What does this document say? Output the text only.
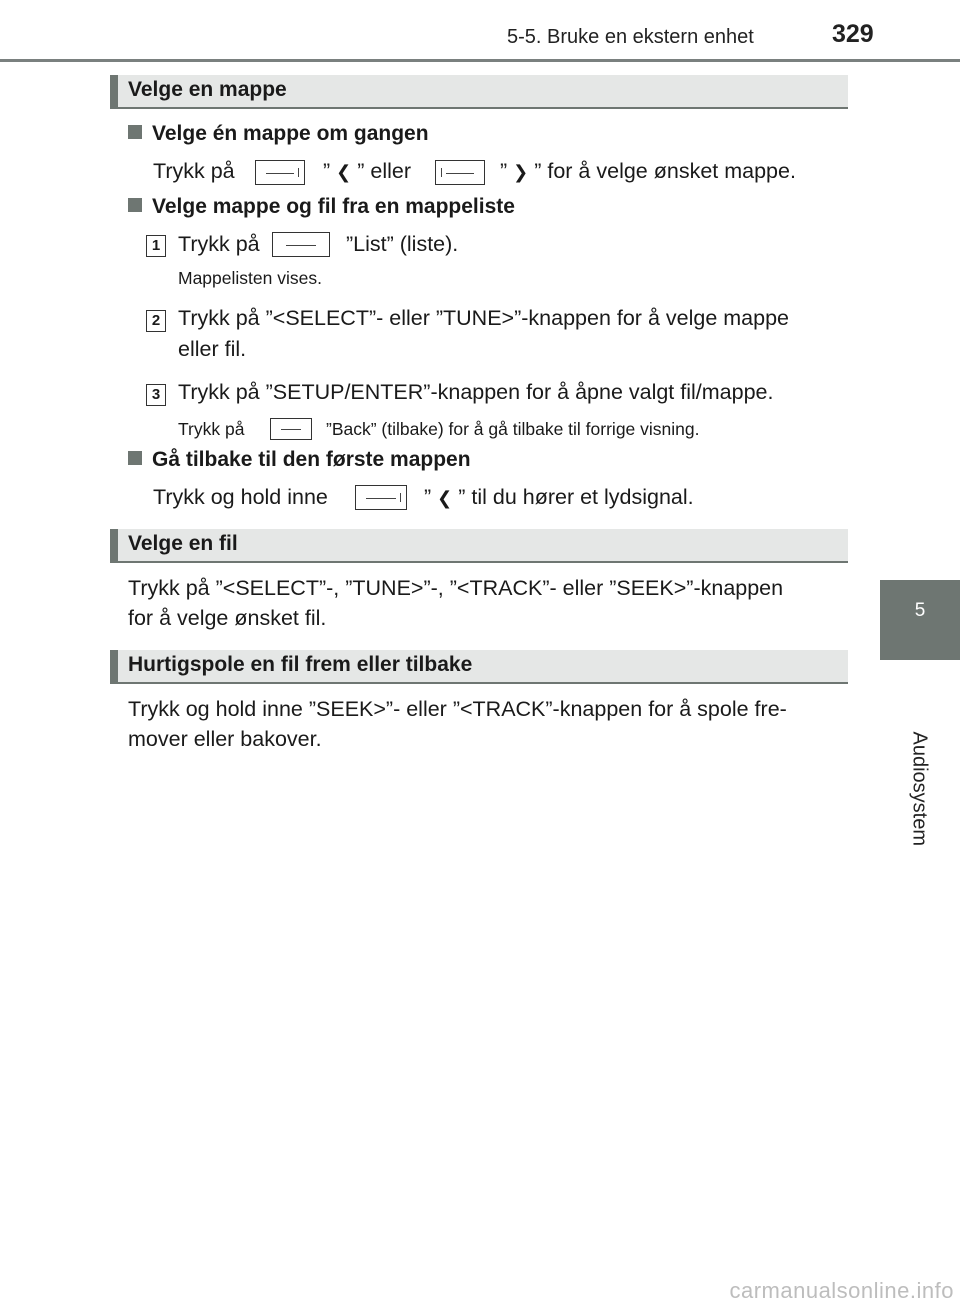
5-5. Bruke en ekstern enhet	329
5
Audiosystem
Velge en mappe
Velge én mappe om gangen
Trykk på	” ❮ ” eller	” ❯ ” for å velge ønsket mappe.
Velge mappe og fil fra en mappeliste
1 Trykk på	”List” (liste).
Mappelisten vises.
2 Trykk på ”<SELECT”- eller ”TUNE>”-knappen for å velge mappe
eller fil.
3 Trykk på ”SETUP/ENTER”-knappen for å åpne valgt fil/mappe.
Trykk på	”Back” (tilbake) for å gå tilbake til forrige visning.
Gå tilbake til den første mappen
Trykk og hold inne	” ❮ ” til du hører et lydsignal.
Velge en fil
Trykk på ”<SELECT”-, ”TUNE>”-, ”<TRACK”- eller ”SEEK>”-knappen
for å velge ønsket fil.
Hurtigspole en fil frem eller tilbake
Trykk og hold inne ”SEEK>”- eller ”<TRACK”-knappen for å spole fre-
mover eller bakover.
carmanualsonline.info
